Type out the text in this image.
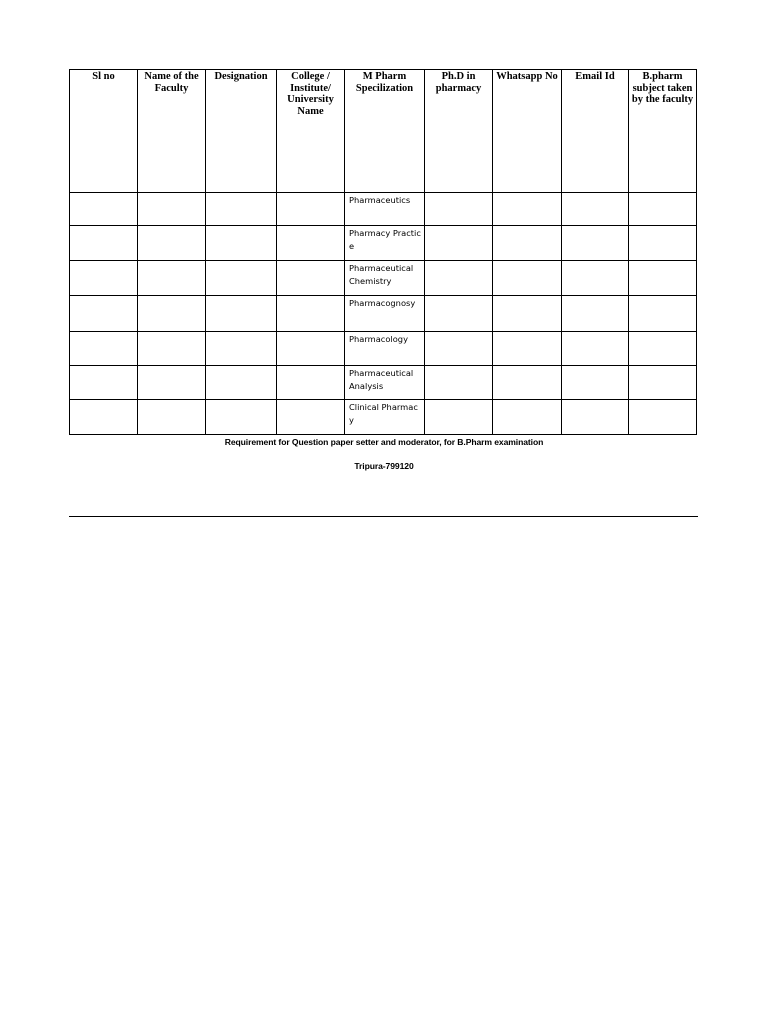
Sl no	Name of the Faculty	Designation	College / Institute/ University Name	M Pharm Specilization	Ph.D in pharmacy	Whatsapp No	Email Id	B.pharm subject taken by the faculty
				Pharmaceutics				
				Pharmacy Practice				
				Pharmaceutical Chemistry				
				Pharmacognosy				
				Pharmacology				
				Pharmaceutical Analysis				
				Clinical Pharmacy				
Requirement for Question paper setter and moderator, for B.Pharm examination
Tripura-799120
